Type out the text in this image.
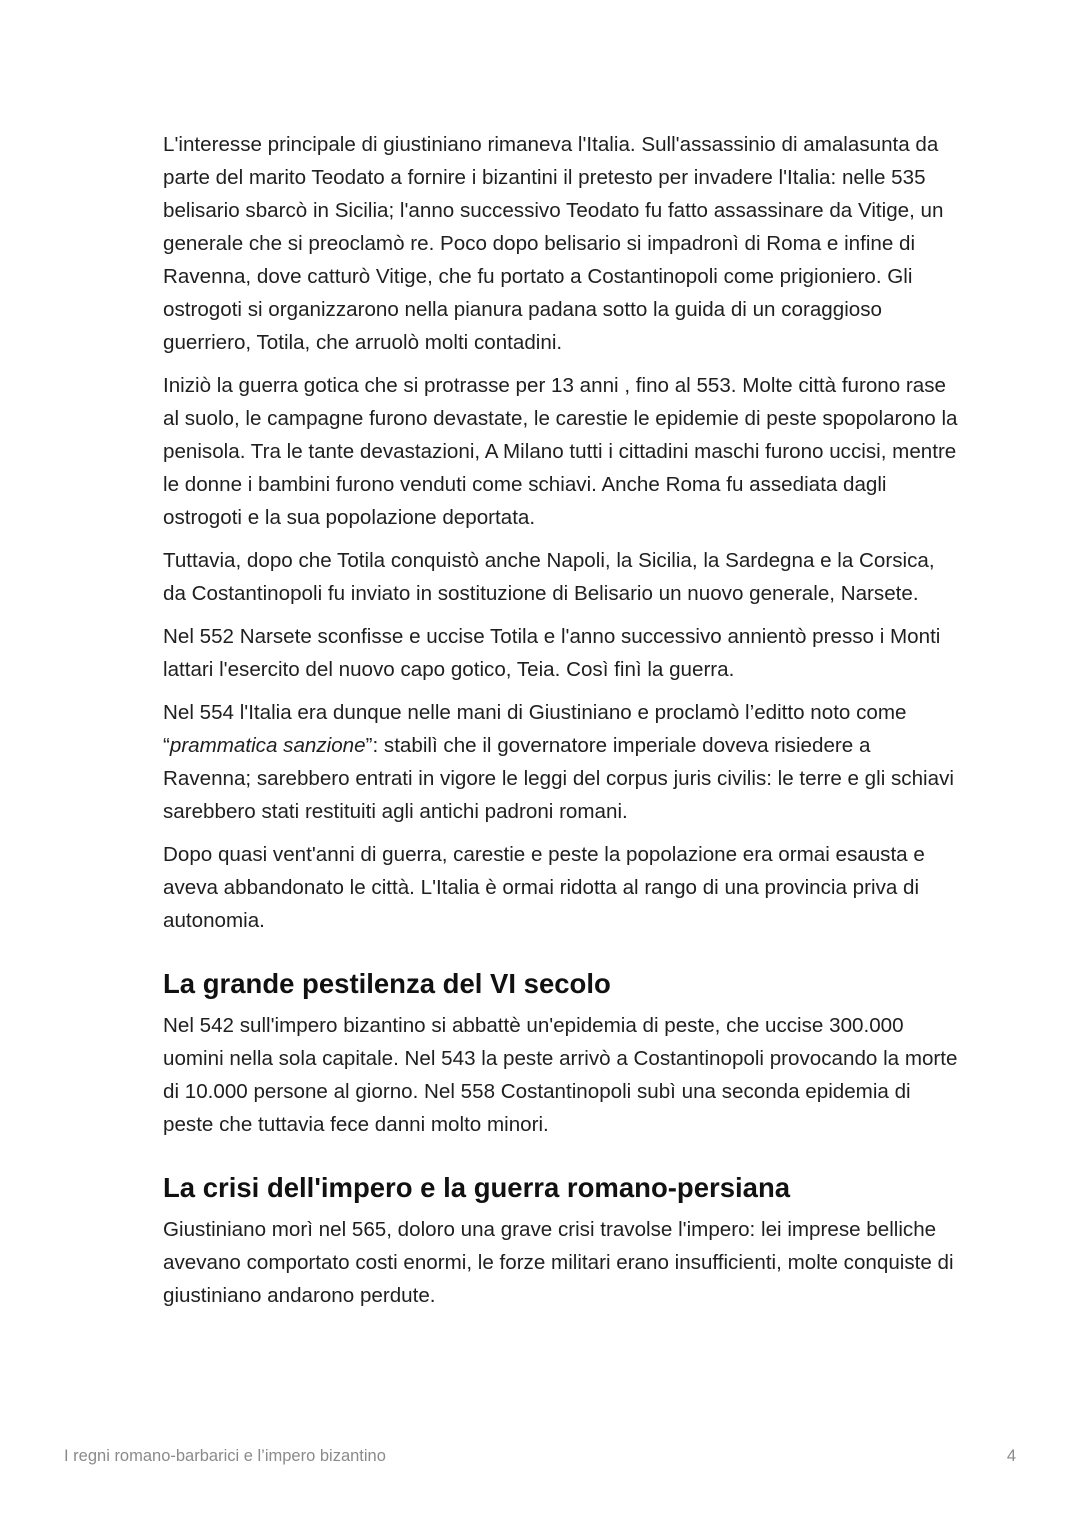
L'interesse principale di giustiniano rimaneva l'Italia. Sull'assassinio di amalasunta da parte del marito Teodato a fornire i bizantini il pretesto per invadere l'Italia: nelle 535 belisario sbarcò in Sicilia; l'anno successivo Teodato fu fatto assassinare da Vitige, un generale che si preoclamò re. Poco dopo belisario si impadronì di Roma e infine di Ravenna, dove catturò Vitige, che fu portato a Costantinopoli come prigioniero. Gli ostrogoti si organizzarono nella pianura padana sotto la guida di un coraggioso guerriero, Totila, che arruolò molti contadini.

Iniziò la guerra gotica che si protrasse per 13 anni , fino al 553. Molte città furono rase al suolo, le campagne furono devastate, le carestie le epidemie di peste spopolarono la penisola. Tra le tante devastazioni, A Milano tutti i cittadini maschi furono uccisi, mentre le donne i bambini furono venduti come schiavi. Anche Roma fu assediata dagli ostrogoti e la sua popolazione deportata.

Tuttavia, dopo che Totila conquistò anche Napoli, la Sicilia, la Sardegna e la Corsica, da Costantinopoli fu inviato in sostituzione di Belisario un nuovo generale, Narsete.

Nel 552 Narsete sconfisse e uccise Totila e l'anno successivo annientò presso i Monti lattari l'esercito del nuovo capo gotico, Teia. Così finì la guerra.

Nel 554 l'Italia era dunque nelle mani di Giustiniano e proclamò l’editto noto come “prammatica sanzione”: stabilì che il governatore imperiale doveva risiedere a Ravenna; sarebbero entrati in vigore le leggi del corpus juris civilis: le terre e gli schiavi sarebbero stati restituiti agli antichi padroni romani.

Dopo quasi vent'anni di guerra, carestie e peste la popolazione era ormai esausta e aveva abbandonato le città. L'Italia è ormai ridotta al rango di una provincia priva di autonomia.

La grande pestilenza del VI secolo

Nel 542 sull'impero bizantino si abbattè un'epidemia di peste, che uccise 300.000 uomini nella sola capitale. Nel 543 la peste arrivò a Costantinopoli provocando la morte di 10.000 persone al giorno. Nel 558 Costantinopoli subì una seconda epidemia di peste che tuttavia fece danni molto minori.

La crisi dell'impero e la guerra romano-persiana

Giustiniano morì nel 565, doloro una grave crisi travolse l'impero: lei imprese belliche avevano comportato costi enormi, le forze militari erano insufficienti, molte conquiste di giustiniano andarono perdute.

I regni romano-barbarici e l’impero bizantino	4
